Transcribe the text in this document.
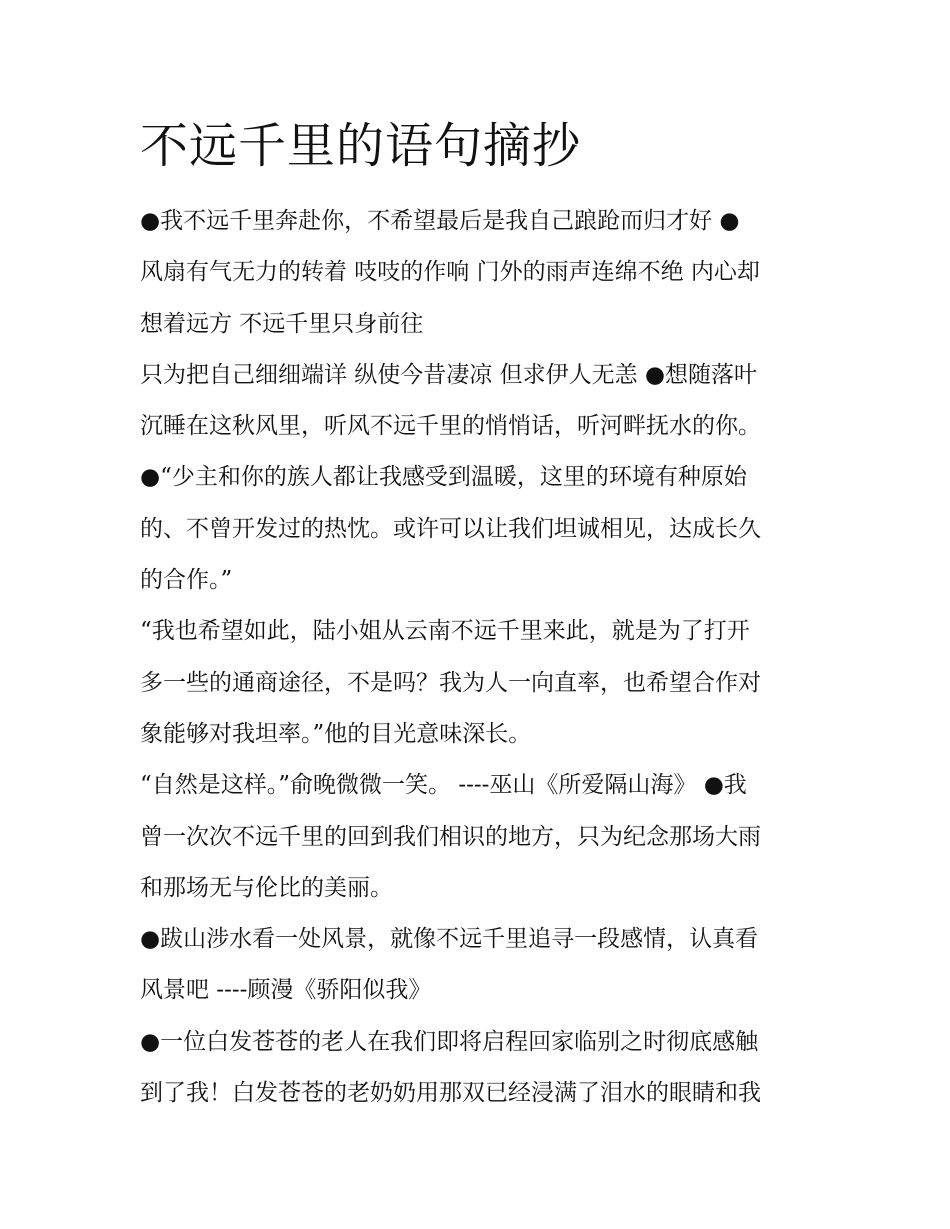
不远千里的语句摘抄
●我不远千里奔赴你，不希望最后是我自己踉跄而归才好 ●
风扇有气无力的转着 吱吱的作响 门外的雨声连绵不绝 内心却
想着远方 不远千里只身前往
只为把自己细细端详 纵使今昔凄凉 但求伊人无恙 ●想随落叶
沉睡在这秋风里，听风不远千里的悄悄话，听河畔抚水的你。
●“少主和你的族人都让我感受到温暖，这里的环境有种原始
的、不曾开发过的热忱。或许可以让我们坦诚相见，达成长久
的合作。”
“我也希望如此，陆小姐从云南不远千里来此，就是为了打开
多一些的通商途径，不是吗？我为人一向直率，也希望合作对
象能够对我坦率。”他的目光意味深长。
“自然是这样。”俞晚微微一笑。 ----巫山《所爱隔山海》 ●我
曾一次次不远千里的回到我们相识的地方，只为纪念那场大雨
和那场无与伦比的美丽。
●跋山涉水看一处风景，就像不远千里追寻一段感情，认真看
风景吧 ----顾漫《骄阳似我》
●一位白发苍苍的老人在我们即将启程回家临别之时彻底感触
到了我！白发苍苍的老奶奶用那双已经浸满了泪水的眼睛和我
